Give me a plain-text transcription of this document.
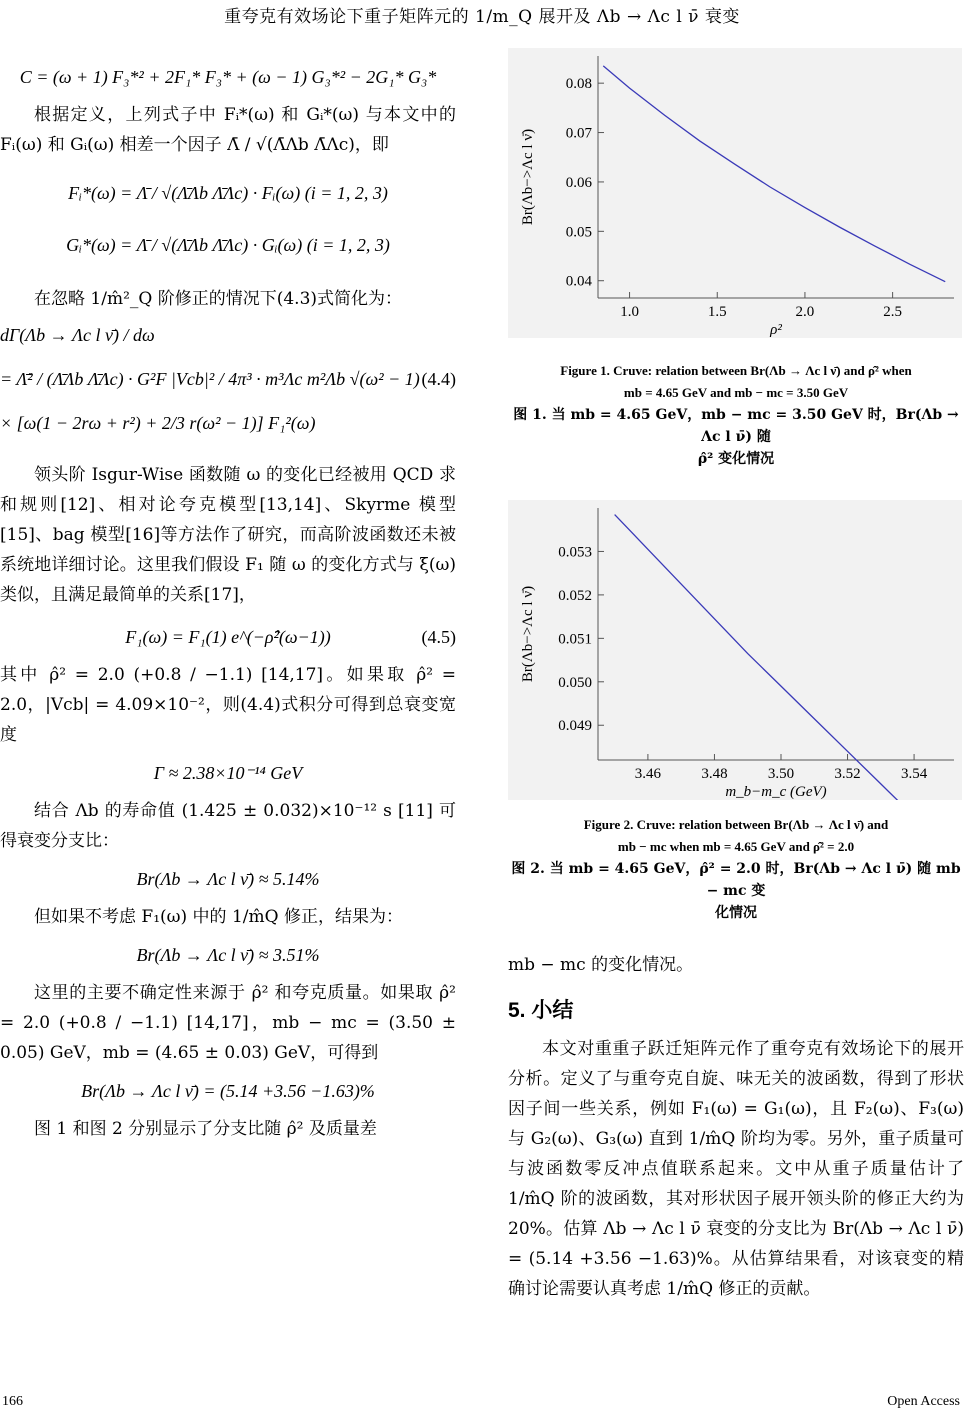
重夸克有效场论下重子矩阵元的 1/m_Q 展开及 Λb → Λc l ν̄ 衰变
C = (ω + 1) F₃*² + 2F₁* F₃* + (ω − 1) G₃*² − 2G₁* G₃*
根据定义，上列式子中 Fᵢ*(ω) 和 Gᵢ*(ω) 与本文中的 Fᵢ(ω) 和 Gᵢ(ω) 相差一个因子 Λ̄ / √(Λ̄Λb Λ̄Λc)，即
Fᵢ*(ω) = Λ̄ / √(Λ̄Λb Λ̄Λc) · Fᵢ(ω) (i = 1, 2, 3)
Gᵢ*(ω) = Λ̄ / √(Λ̄Λb Λ̄Λc) · Gᵢ(ω) (i = 1, 2, 3)
在忽略 1/m̂²_Q 阶修正的情况下(4.3)式简化为：
dΓ(Λb → Λc l ν̄) / dω
= Λ̄² / (Λ̄Λb Λ̄Λc) · G²F |Vcb|² / 4π³ · m³Λc m²Λb √(ω² − 1) (4.4)
× [ω(1 − 2rω + r²) + 2/3 r(ω² − 1)] F₁²(ω)
领头阶 Isgur-Wise 函数随 ω 的变化已经被用 QCD 求和规则[12]、相对论夸克模型[13,14]、Skyrme 模型[15]、bag 模型[16]等方法作了研究，而高阶波函数还未被系统地详细讨论。这里我们假设 F₁ 随 ω 的变化方式与 ξ(ω) 类似，且满足最简单的关系[17]，
F₁(ω) = F₁(1) e^(−ρ̂²(ω−1))	(4.5)
其中 ρ̂² = 2.0 (+0.8 / −1.1) [14,17]。如果取 ρ̂² = 2.0，|Vcb| = 4.09×10⁻²，则(4.4)式积分可得到总衰变宽度
Γ ≈ 2.38×10⁻¹⁴ GeV
结合 Λb 的寿命值 (1.425 ± 0.032)×10⁻¹² s [11] 可得衰变分支比：
Br(Λb → Λc l ν̄) ≈ 5.14%
但如果不考虑 F₁(ω) 中的 1/m̂Q 修正，结果为：
Br(Λb → Λc l ν̄) ≈ 3.51%
这里的主要不确定性来源于 ρ̂² 和夸克质量。如果取 ρ̂² = 2.0 (+0.8 / −1.1) [14,17]，mb − mc = (3.50 ± 0.05) GeV，mb = (4.65 ± 0.03) GeV，可得到
Br(Λb → Λc l ν̄) = (5.14 +3.56 −1.63)%
图 1 和图 2 分别显示了分支比随 ρ̂² 及质量差
0.04
0.05
0.06
0.07
0.08
1.0	1.5	2.0	2.5
Br(Λb−>Λc l ν̄)
ρ²
Figure 1. Cruve: relation between Br(Λb → Λc l ν̄) and ρ̂² when
mb = 4.65 GeV and mb − mc = 3.50 GeV
图 1. 当 mb = 4.65 GeV，mb − mc = 3.50 GeV 时，Br(Λb → Λc l ν̄) 随
ρ̂² 变化情况
0.049
0.050
0.051
0.052
0.053
3.46	3.48	3.50	3.52	3.54
Br(Λb−>Λc l ν̄)
m_b−m_c (GeV)
Figure 2. Cruve: relation between Br(Λb → Λc l ν̄) and
mb − mc when mb = 4.65 GeV and ρ̂² = 2.0
图 2. 当 mb = 4.65 GeV，ρ̂² = 2.0 时，Br(Λb → Λc l ν̄) 随 mb − mc 变
化情况
mb − mc 的变化情况。
5. 小结
本文对重重子跃迁矩阵元作了重夸克有效场论下的展开分析。定义了与重夸克自旋、味无关的波函数，得到了形状因子间一些关系，例如 F₁(ω) = G₁(ω)，且 F₂(ω)、F₃(ω) 与 G₂(ω)、G₃(ω) 直到 1/m̂Q 阶均为零。另外，重子质量可与波函数零反冲点值联系起来。文中从重子质量估计了 1/m̂Q 阶的波函数，其对形状因子展开领头阶的修正大约为 20%。估算 Λb → Λc l ν̄ 衰变的分支比为 Br(Λb → Λc l ν̄) = (5.14 +3.56 −1.63)%。从估算结果看，对该衰变的精确讨论需要认真考虑 1/m̂Q 修正的贡献。
166	Open Access
